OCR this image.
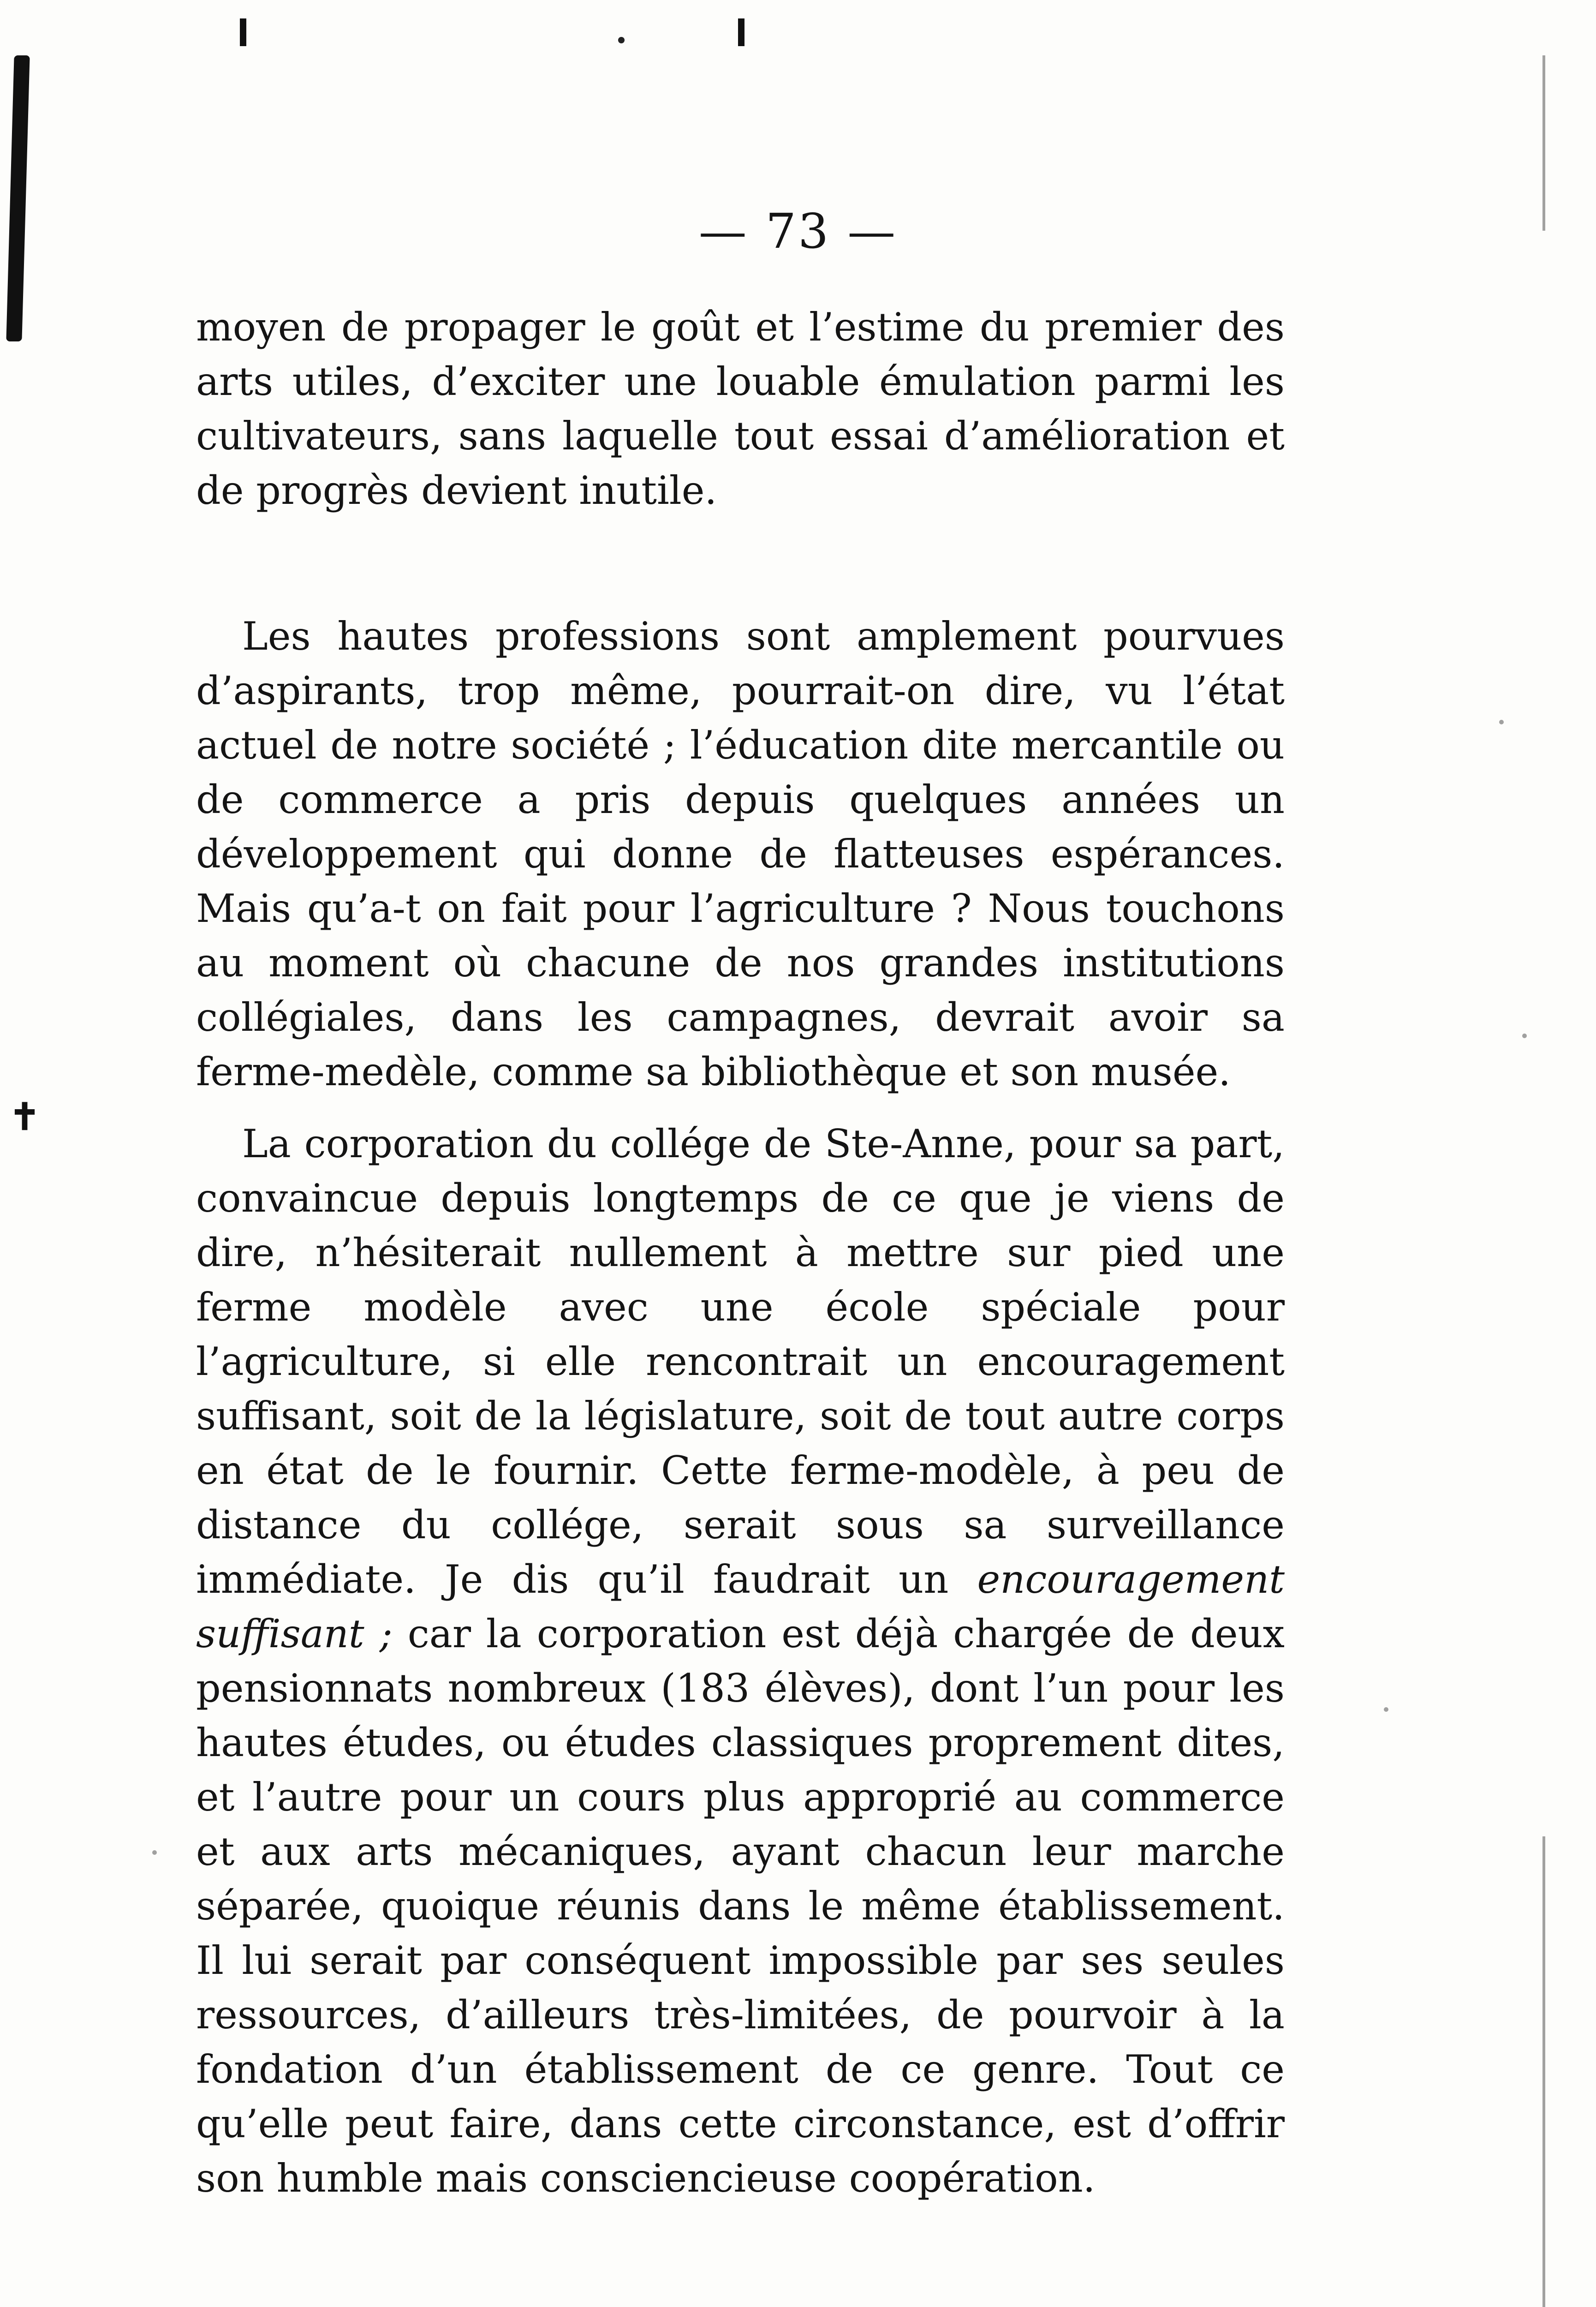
✝
— 73 —
moyen de propager le goût et l’estime du premier des arts utiles, d’exciter une louable émulation parmi les cultivateurs, sans laquelle tout essai d’amélioration et de progrès devient inutile.
Les hautes professions sont amplement pourvues d’aspirants, trop même, pourrait-on dire, vu l’état actuel de notre société ; l’éducation dite mercantile ou de commerce a pris depuis quelques années un développement qui donne de flatteuses espérances. Mais qu’a-t on fait pour l’agriculture ? Nous touchons au moment où chacune de nos grandes institutions collégiales, dans les campagnes, devrait avoir sa ferme-medèle, comme sa bibliothèque et son musée.
La corporation du collége de Ste-Anne, pour sa part, convaincue depuis longtemps de ce que je viens de dire, n’hésiterait nullement à mettre sur pied une ferme modèle avec une école spéciale pour l’agriculture, si elle rencontrait un encouragement suffisant, soit de la législature, soit de tout autre corps en état de le fournir. Cette ferme-modèle, à peu de distance du collége, serait sous sa surveillance immédiate. Je dis qu’il faudrait un encouragement suffisant ; car la corporation est déjà chargée de deux pensionnats nombreux (183 élèves), dont l’un pour les hautes études, ou études classiques proprement dites, et l’autre pour un cours plus approprié au commerce et aux arts mécaniques, ayant chacun leur marche séparée, quoique réunis dans le même établissement. Il lui serait par conséquent impossible par ses seules ressources, d’ailleurs très-limitées, de pourvoir à la fondation d’un établissement de ce genre. Tout ce qu’elle peut faire, dans cette circonstance, est d’offrir son humble mais consciencieuse coopération.
